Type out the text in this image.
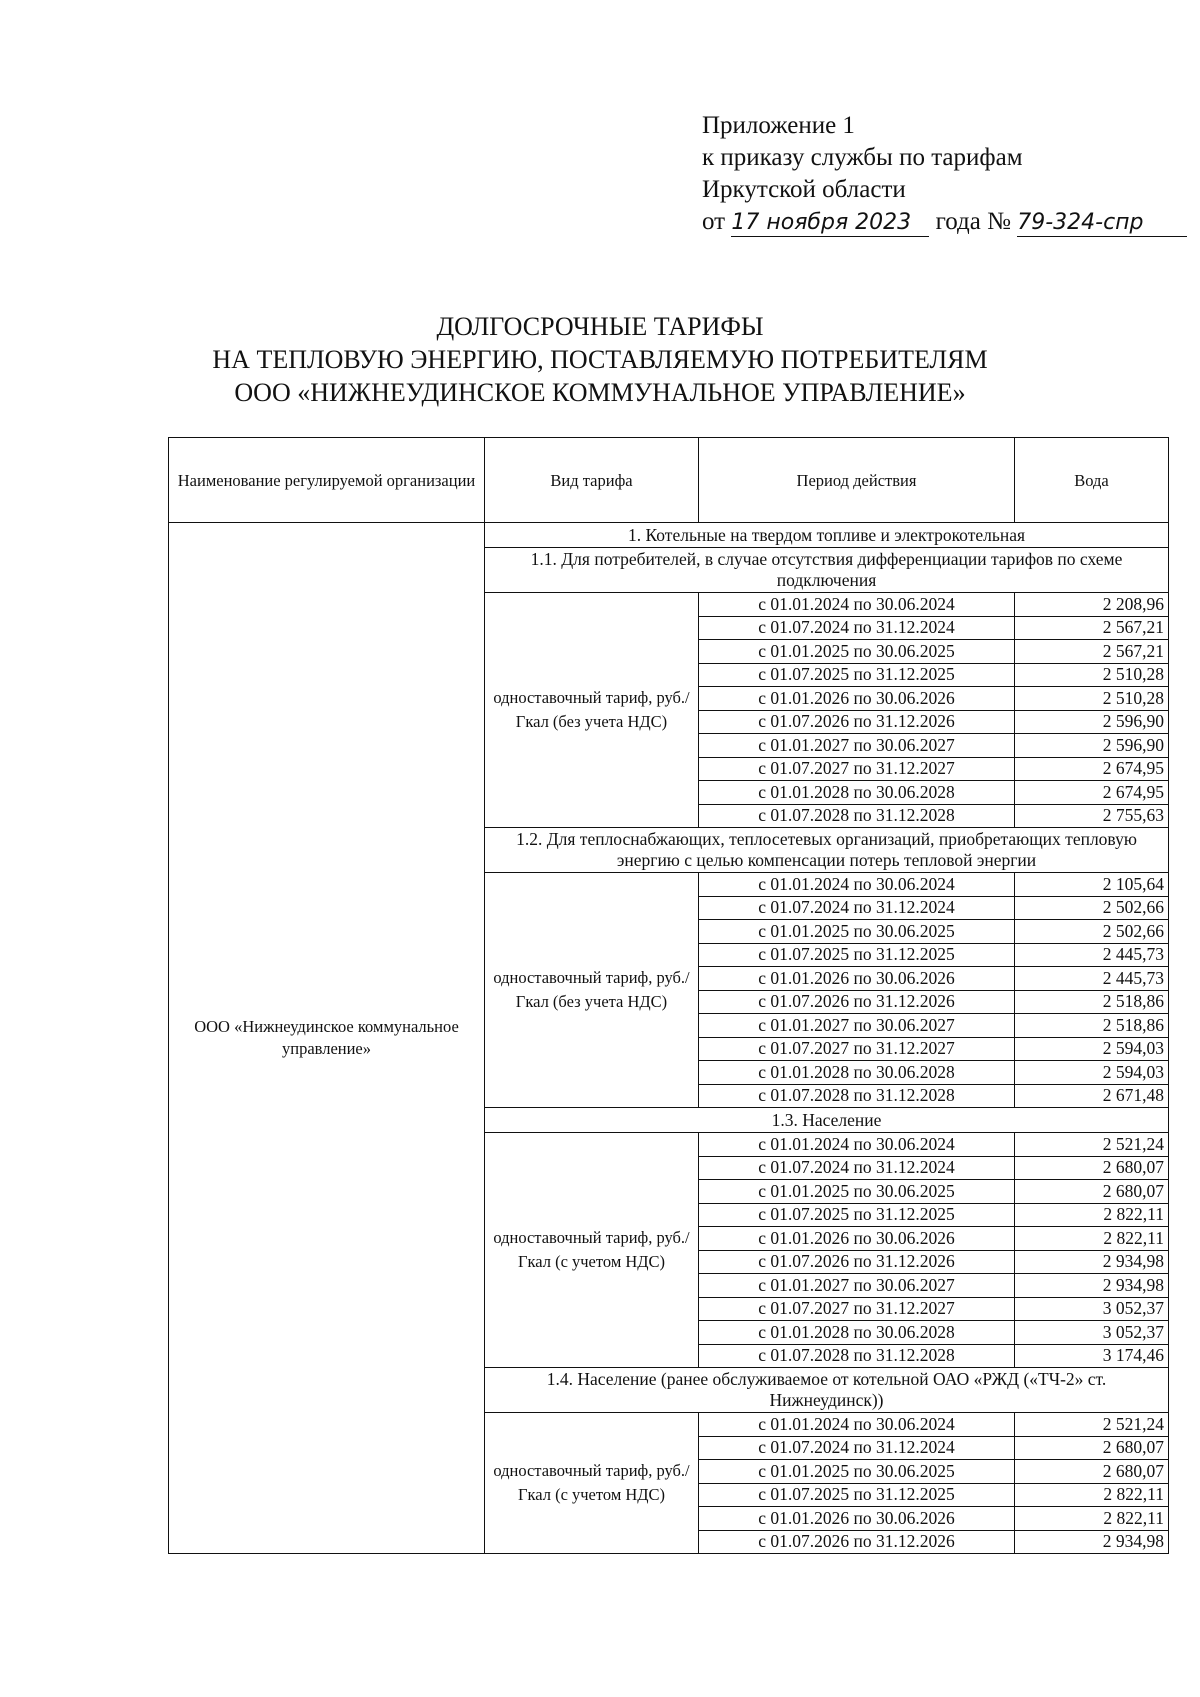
Приложение 1
к приказу службы по тарифам
Иркутской области
от 17 ноября 2023 года № 79-324-спр
ДОЛГОСРОЧНЫЕ ТАРИФЫ
НА ТЕПЛОВУЮ ЭНЕРГИЮ, ПОСТАВЛЯЕМУЮ ПОТРЕБИТЕЛЯМ
ООО «НИЖНЕУДИНСКОЕ КОММУНАЛЬНОЕ УПРАВЛЕНИЕ»
Наименование регулируемой организации	Вид тарифа	Период действия	Вода
ООО «Нижнеудинское коммунальное управление»	1. Котельные на твердом топливе и электрокотельная		
	1.1. Для потребителей, в случае отсутствия дифференциации тарифов по схеме подключения		
	одноставочный тариф, руб./Гкал (без учета НДС)	с 01.01.2024 по 30.06.2024	2 208,96
		с 01.07.2024 по 31.12.2024	2 567,21
		с 01.01.2025 по 30.06.2025	2 567,21
		с 01.07.2025 по 31.12.2025	2 510,28
		с 01.01.2026 по 30.06.2026	2 510,28
		с 01.07.2026 по 31.12.2026	2 596,90
		с 01.01.2027 по 30.06.2027	2 596,90
		с 01.07.2027 по 31.12.2027	2 674,95
		с 01.01.2028 по 30.06.2028	2 674,95
		с 01.07.2028 по 31.12.2028	2 755,63
	1.2. Для теплоснабжающих, теплосетевых организаций, приобретающих тепловую энергию с целью компенсации потерь тепловой энергии		
	одноставочный тариф, руб./Гкал (без учета НДС)	с 01.01.2024 по 30.06.2024	2 105,64
		с 01.07.2024 по 31.12.2024	2 502,66
		с 01.01.2025 по 30.06.2025	2 502,66
		с 01.07.2025 по 31.12.2025	2 445,73
		с 01.01.2026 по 30.06.2026	2 445,73
		с 01.07.2026 по 31.12.2026	2 518,86
		с 01.01.2027 по 30.06.2027	2 518,86
		с 01.07.2027 по 31.12.2027	2 594,03
		с 01.01.2028 по 30.06.2028	2 594,03
		с 01.07.2028 по 31.12.2028	2 671,48
	1.3. Население		
	одноставочный тариф, руб./Гкал (с учетом НДС)	с 01.01.2024 по 30.06.2024	2 521,24
		с 01.07.2024 по 31.12.2024	2 680,07
		с 01.01.2025 по 30.06.2025	2 680,07
		с 01.07.2025 по 31.12.2025	2 822,11
		с 01.01.2026 по 30.06.2026	2 822,11
		с 01.07.2026 по 31.12.2026	2 934,98
		с 01.01.2027 по 30.06.2027	2 934,98
		с 01.07.2027 по 31.12.2027	3 052,37
		с 01.01.2028 по 30.06.2028	3 052,37
		с 01.07.2028 по 31.12.2028	3 174,46
	1.4. Население (ранее обслуживаемое от котельной ОАО «РЖД («ТЧ-2» ст. Нижнеудинск))		
	одноставочный тариф, руб./Гкал (с учетом НДС)	с 01.01.2024 по 30.06.2024	2 521,24
		с 01.07.2024 по 31.12.2024	2 680,07
		с 01.01.2025 по 30.06.2025	2 680,07
		с 01.07.2025 по 31.12.2025	2 822,11
		с 01.01.2026 по 30.06.2026	2 822,11
		с 01.07.2026 по 31.12.2026	2 934,98
